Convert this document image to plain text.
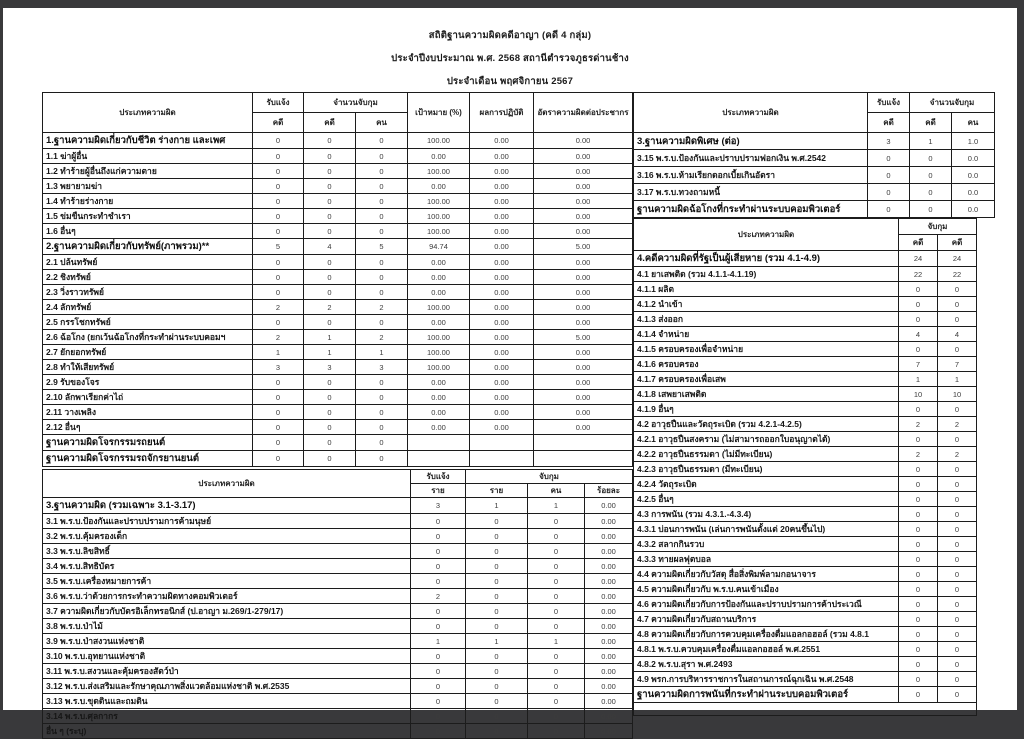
สถิติฐานความผิดคดีอาญา (คดี 4 กลุ่ม)
ประจำปีงบประมาณ พ.ศ. 2568 สถานีตำรวจภูธรด่านช้าง
ประจำเดือน พฤศจิกายน 2567
ประเภทความผิด	รับแจ้ง	จำนวนจับกุม		เป้าหมาย (%)	ผลการปฏิบัติ	อัตราความผิดต่อประชากร
	คดี	คดี	คน			
1.ฐานความผิดเกี่ยวกับชีวิต ร่างกาย และเพศ	0	0	0	100.00	0.00	0.00
1.1 ฆ่าผู้อื่น	0	0	0	0.00	0.00	0.00
1.2 ทำร้ายผู้อื่นถึงแก่ความตาย	0	0	0	100.00	0.00	0.00
1.3 พยายามฆ่า	0	0	0	0.00	0.00	0.00
1.4 ทำร้ายร่างกาย	0	0	0	100.00	0.00	0.00
1.5 ข่มขืนกระทำชำเรา	0	0	0	100.00	0.00	0.00
1.6 อื่นๆ	0	0	0	100.00	0.00	0.00
2.ฐานความผิดเกี่ยวกับทรัพย์(ภาพรวม)**	5	4	5	94.74	0.00	5.00
2.1 ปล้นทรัพย์	0	0	0	0.00	0.00	0.00
2.2 ชิงทรัพย์	0	0	0	0.00	0.00	0.00
2.3 วิ่งราวทรัพย์	0	0	0	0.00	0.00	0.00
2.4 ลักทรัพย์	2	2	2	100.00	0.00	0.00
2.5 กรรโชกทรัพย์	0	0	0	0.00	0.00	0.00
2.6 ฉ้อโกง (ยกเว้นฉ้อโกงที่กระทำผ่านระบบคอมฯ	2	1	2	100.00	0.00	5.00
2.7 ยักยอกทรัพย์	1	1	1	100.00	0.00	0.00
2.8 ทำให้เสียทรัพย์	3	3	3	100.00	0.00	0.00
2.9 รับของโจร	0	0	0	0.00	0.00	0.00
2.10 ลักพาเรียกค่าไถ่	0	0	0	0.00	0.00	0.00
2.11 วางเพลิง	0	0	0	0.00	0.00	0.00
2.12 อื่นๆ	0	0	0	0.00	0.00	0.00
ฐานความผิดโจรกรรมรถยนต์	0	0	0			
ฐานความผิดโจรกรรมรถจักรยานยนต์	0	0	0			
ประเภทความผิด	รับแจ้ง	จับกุม		
	ราย	ราย	คน	ร้อยละ
3.ฐานความผิด (รวมเฉพาะ 3.1-3.17)	3	1	1	0.00
3.1 พ.ร.บ.ป้องกันและปราบปรามการค้ามนุษย์	0	0	0	0.00
3.2 พ.ร.บ.คุ้มครองเด็ก	0	0	0	0.00
3.3 พ.ร.บ.ลิขสิทธิ์	0	0	0	0.00
3.4 พ.ร.บ.สิทธิบัตร	0	0	0	0.00
3.5 พ.ร.บ.เครื่องหมายการค้า	0	0	0	0.00
3.6 พ.ร.บ.ว่าด้วยการกระทำความผิดทางคอมพิวเตอร์	2	0	0	0.00
3.7 ความผิดเกี่ยวกับบัตรอิเล็กทรอนิกส์ (ป.อาญา ม.269/1-279/17)	0	0	0	0.00
3.8 พ.ร.บ.ป่าไม้	0	0	0	0.00
3.9 พ.ร.บ.ป่าสงวนแห่งชาติ	1	1	1	0.00
3.10 พ.ร.บ.อุทยานแห่งชาติ	0	0	0	0.00
3.11 พ.ร.บ.สงวนและคุ้มครองสัตว์ป่า	0	0	0	0.00
3.12 พ.ร.บ.ส่งเสริมและรักษาคุณภาพสิ่งแวดล้อมแห่งชาติ พ.ศ.2535	0	0	0	0.00
3.13 พ.ร.บ.ขุดดินและถมดิน	0	0	0	0.00
3.14 พ.ร.บ.ศุลกากร	0	0	0	0.00
อื่น ๆ (ระบุ)	0	0	0	0.00
ประเภทความผิด	รับแจ้ง	จำนวนจับกุม	
	คดี	คดี	คน
3.ฐานความผิดพิเศษ (ต่อ)	3	1	1.0
3.15 พ.ร.บ.ป้องกันและปราบปรามฟอกเงิน พ.ศ.2542	0	0	0.0
3.16 พ.ร.บ.ห้ามเรียกดอกเบี้ยเกินอัตรา	0	0	0.0
3.17 พ.ร.บ.ทวงถามหนี้	0	0	0.0
ฐานความผิดฉ้อโกงที่กระทำผ่านระบบคอมพิวเตอร์	0	0	0.0
ประเภทความผิด	จับกุม	
	คดี	คดี
4.คดีความผิดที่รัฐเป็นผู้เสียหาย (รวม 4.1-4.9)	24	24
4.1 ยาเสพติด (รวม 4.1.1-4.1.19)	22	22
4.1.1 ผลิต	0	0
4.1.2 นำเข้า	0	0
4.1.3 ส่งออก	0	0
4.1.4 จำหน่าย	4	4
4.1.5 ครอบครองเพื่อจำหน่าย	0	0
4.1.6 ครอบครอง	7	7
4.1.7 ครอบครองเพื่อเสพ	1	1
4.1.8 เสพยาเสพติด	10	10
4.1.9 อื่นๆ	0	0
4.2 อาวุธปืนและวัตถุระเบิด (รวม 4.2.1-4.2.5)	2	2
4.2.1 อาวุธปืนสงคราม (ไม่สามารถออกใบอนุญาตได้)	0	0
4.2.2 อาวุธปืนธรรมดา (ไม่มีทะเบียน)	2	2
4.2.3 อาวุธปืนธรรมดา (มีทะเบียน)	0	0
4.2.4 วัตถุระเบิด	0	0
4.2.5 อื่นๆ	0	0
4.3 การพนัน (รวม 4.3.1.-4.3.4)	0	0
4.3.1 บ่อนการพนัน (เล่นการพนันตั้งแต่ 20คนขึ้นไป)	0	0
4.3.2 สลากกินรวบ	0	0
4.3.3 ทายผลฟุตบอล	0	0
4.4 ความผิดเกี่ยวกับวัสดุ สื่อสิ่งพิมพ์ลามกอนาจาร	0	0
4.5 ความผิดเกี่ยวกับ พ.ร.บ.คนเข้าเมือง	0	0
4.6 ความผิดเกี่ยวกับการป้องกันและปราบปรามการค้าประเวณี	0	0
4.7 ความผิดเกี่ยวกับสถานบริการ	0	0
4.8 ความผิดเกี่ยวกับการควบคุมเครื่องดื่มแอลกอฮอล์ (รวม 4.8.1	0	0
4.8.1 พ.ร.บ.ควบคุมเครื่องดื่มแอลกอฮอล์ พ.ศ.2551	0	0
4.8.2 พ.ร.บ.สุรา พ.ศ.2493	0	0
4.9 พรก.การบริหารราชการในสถานการณ์ฉุกเฉิน พ.ศ.2548	0	0
ฐานความผิดการพนันที่กระทำผ่านระบบคอมพิวเตอร์	0	0
